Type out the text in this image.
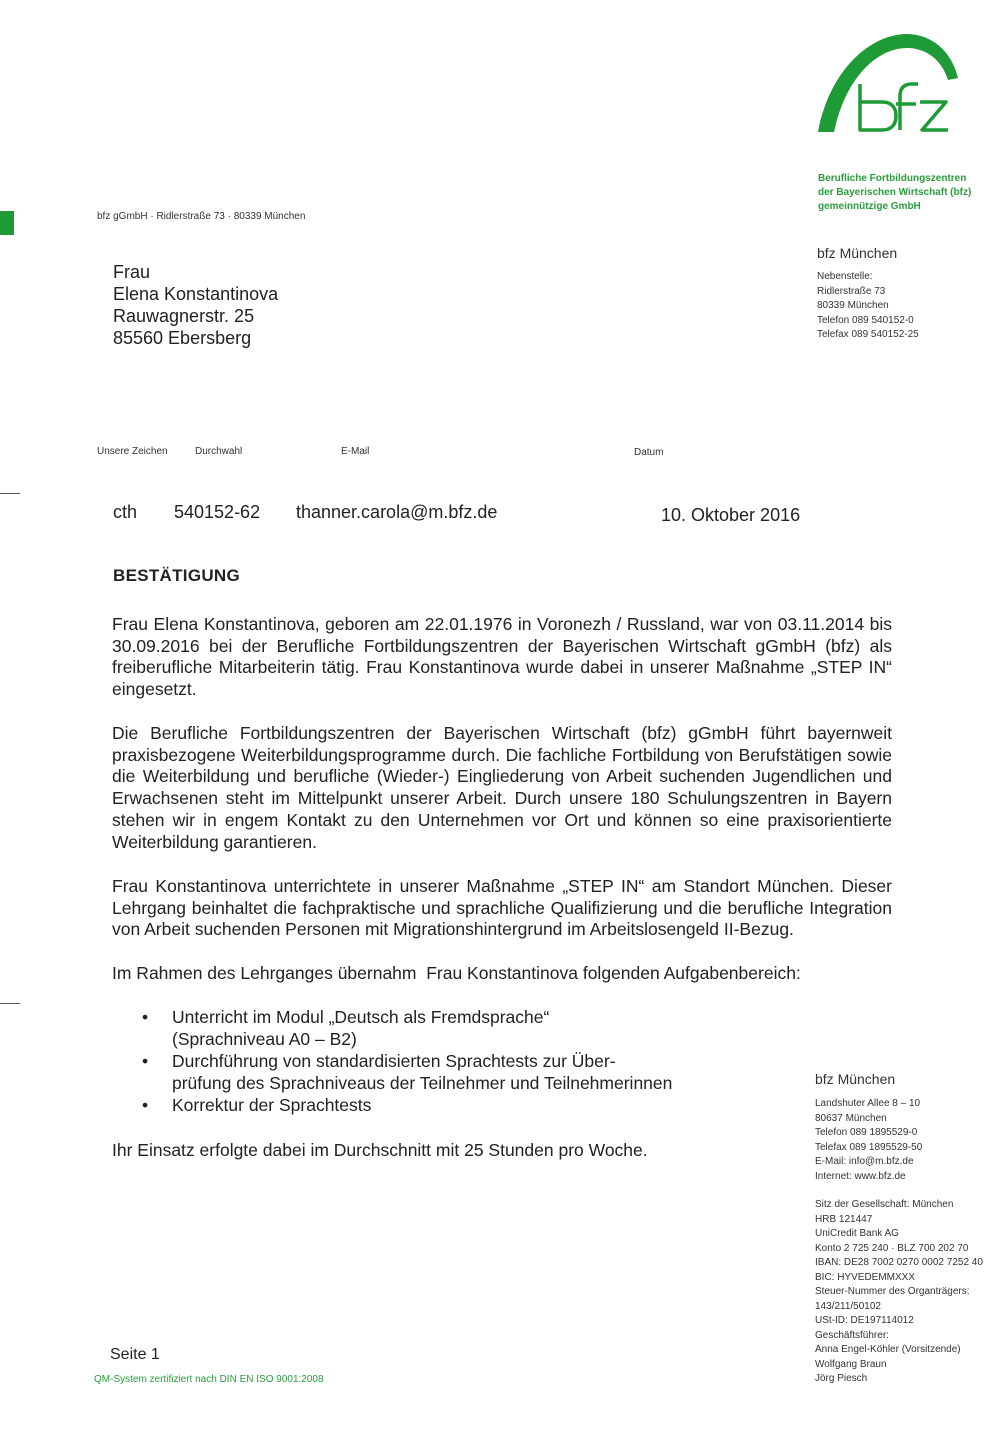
Berufliche Fortbildungszentren
der Bayerischen Wirtschaft (bfz)
gemeinnützige GmbH
bfz München
Nebenstelle:
Ridlerstraße 73
80339 München
Telefon 089 540152-0
Telefax 089 540152-25
bfz gGmbH · Ridlerstraße 73 · 80339 München
Frau
Elena Konstantinova
Rauwagnerstr. 25
85560 Ebersberg
Unsere Zeichen	Durchwahl	E-Mail	Datum
cth 540152-62 thanner.carola@m.bfz.de	10. Oktober 2016
BESTÄTIGUNG

Frau Elena Konstantinova, geboren am 22.01.1976 in Voronezh / Russland, war von 03.11.2014 bis 30.09.2016 bei der Berufliche Fortbildungszentren der Bayerischen Wirtschaft gGmbH (bfz) als freiberufliche Mitarbeiterin tätig. Frau Konstantinova wurde dabei in unserer Maßnahme „STEP IN“ eingesetzt.

Die Berufliche Fortbildungszentren der Bayerischen Wirtschaft (bfz) gGmbH führt bayernweit praxisbezogene Weiterbildungsprogramme durch. Die fachliche Fortbildung von Berufstätigen sowie die Weiterbildung und berufliche (Wieder-) Eingliederung von Arbeit suchenden Jugendlichen und Erwachsenen steht im Mittelpunkt unserer Arbeit. Durch unsere 180 Schulungszentren in Bayern stehen wir in engem Kontakt zu den Unternehmen vor Ort und können so eine praxisorientierte Weiterbildung garantieren.

Frau Konstantinova unterrichtete in unserer Maßnahme „STEP IN“ am Standort München. Dieser Lehrgang beinhaltet die fachpraktische und sprachliche Qualifizierung und die berufliche Integration von Arbeit suchenden Personen mit Migrationshintergrund im Arbeitslosengeld II-Bezug.

Im Rahmen des Lehrganges übernahm  Frau Konstantinova folgenden Aufgabenbereich:

• Unterricht im Modul „Deutsch als Fremdsprache“
(Sprachniveau A0 – B2)
• Durchführung von standardisierten Sprachtests zur Über-
prüfung des Sprachniveaus der Teilnehmer und Teilnehmerinnen
• Korrektur der Sprachtests

Ihr Einsatz erfolgte dabei im Durchschnitt mit 25 Stunden pro Woche.

bfz München
Landshuter Allee 8 – 10
80637 München
Telefon 089 1895529-0
Telefax 089 1895529-50
E-Mail: info@m.bfz.de
Internet: www.bfz.de
Sitz der Gesellschaft: München
HRB 121447
UniCredit Bank AG
Konto 2 725 240 · BLZ 700 202 70
IBAN: DE28 7002 0270 0002 7252 40
BIC: HYVEDEMMXXX
Steuer-Nummer des Organträgers:
143/211/50102
USt-ID: DE197114012
Geschäftsführer:
Anna Engel-Köhler (Vorsitzende)
Wolfgang Braun
Jörg Piesch
Seite 1
QM-System zertifiziert nach DIN EN ISO 9001:2008
